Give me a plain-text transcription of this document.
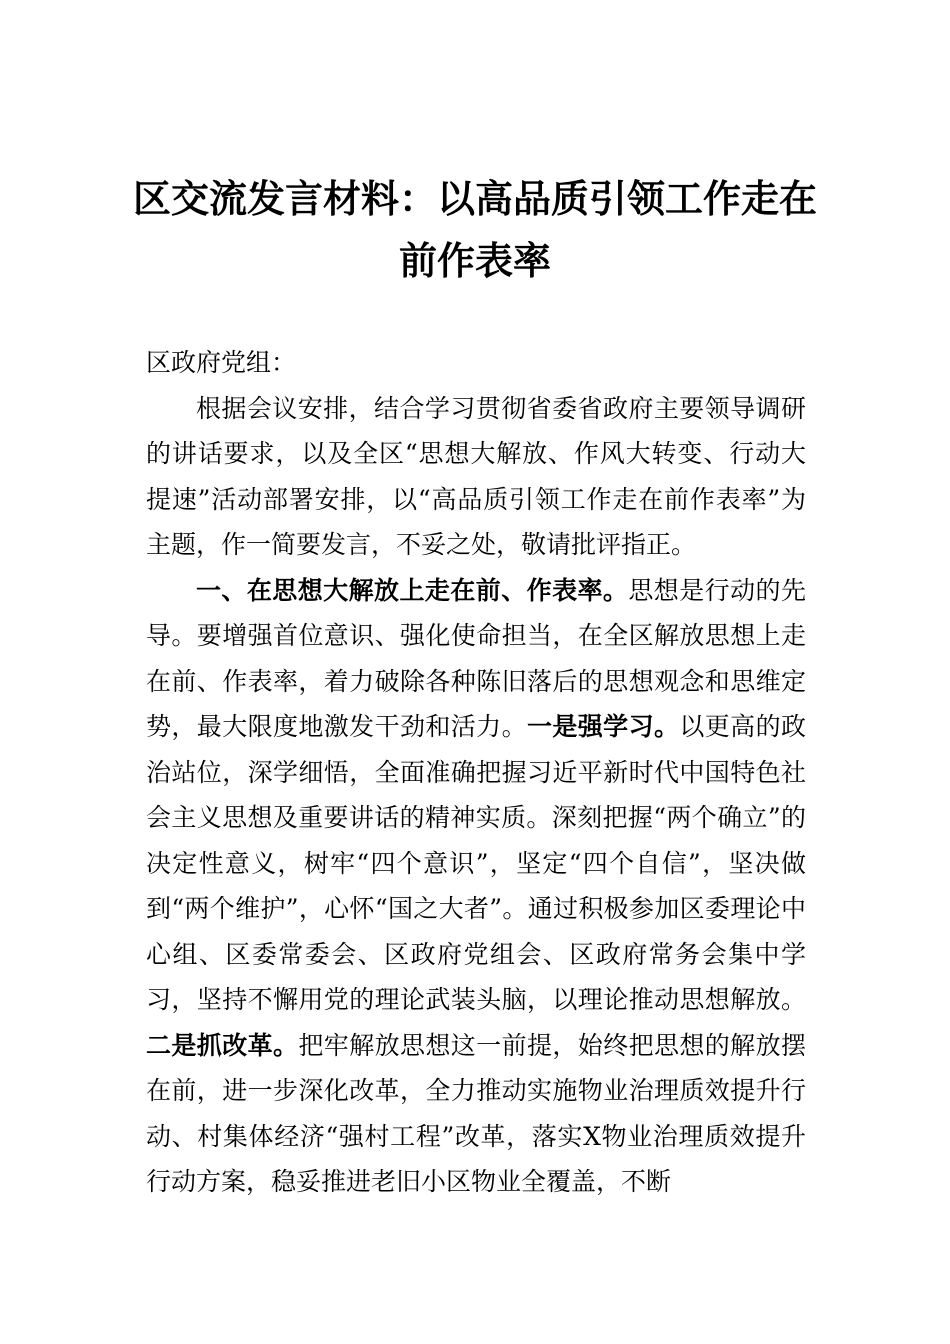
区交流发言材料：以高品质引领工作走在
前作表率

区政府党组：

根据会议安排，结合学习贯彻省委省政府主要领导调研的讲话要求，以及全区“思想大解放、作风大转变、行动大提速”活动部署安排，以“高品质引领工作走在前作表率”为主题，作一简要发言，不妥之处，敬请批评指正。

一、在思想大解放上走在前、作表率。思想是行动的先导。要增强首位意识、强化使命担当，在全区解放思想上走在前、作表率，着力破除各种陈旧落后的思想观念和思维定势，最大限度地激发干劲和活力。一是强学习。以更高的政治站位，深学细悟，全面准确把握习近平新时代中国特色社会主义思想及重要讲话的精神实质。深刻把握“两个确立”的决定性意义，树牢“四个意识”，坚定“四个自信”，坚决做到“两个维护”，心怀“国之大者”。通过积极参加区委理论中心组、区委常委会、区政府党组会、区政府常务会集中学习，坚持不懈用党的理论武装头脑，以理论推动思想解放。二是抓改革。把牢解放思想这一前提，始终把思想的解放摆在前，进一步深化改革，全力推动实施物业治理质效提升行动、村集体经济“强村工程”改革，落实X物业治理质效提升行动方案，稳妥推进老旧小区物业全覆盖，不断
